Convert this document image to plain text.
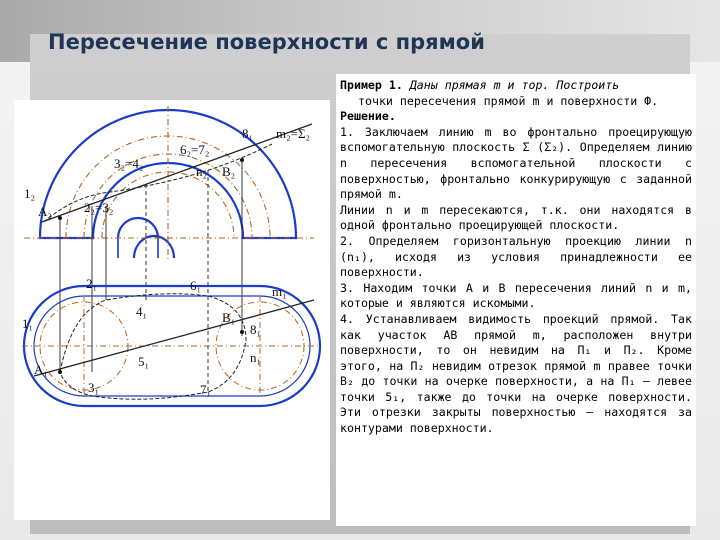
Пересечение поверхности с прямой
8₁ m₂=Σ₂
6₂=7₂
3₂=4₂
n₂ B₂
1₂
A₂ 2₂=3₂
2₁	6₁	m₁
4₁	B₁
8₁
1₁
5₁	n₁
A₁
3₁	7₁

Пример 1. Даны прямая m и тор. Построить

точки пересечения прямой m и поверхности Ф.

Решение.

1. Заключаем линию m во фронтально проецирующую вспомогательную плоскость Σ (Σ₂). Определяем линию n пересечения вспомогательной плоскости с поверхностью, фронтально конкурирующую с заданной прямой m.

Линии n и m пересекаются, т.к. они находятся в одной фронтально проецирующей плоскости.

2. Определяем горизонтальную проекцию линии n (n₁), исходя из условия принадлежности ее поверхности.

3. Находим точки A и B пересечения линий n и m, которые и являются искомыми.

4. Устанавливаем видимость проекций прямой. Так как участок AB прямой m, расположен внутри поверхности, то он невидим на П₁ и П₂. Кроме этого, на П₂ невидим отрезок прямой m правее точки B₂ до точки на очерке поверхности, а на П₁ – левее точки 5₁, также до точки на очерке поверхности. Эти отрезки закрыты поверхностью – находятся за контурами поверхности.
